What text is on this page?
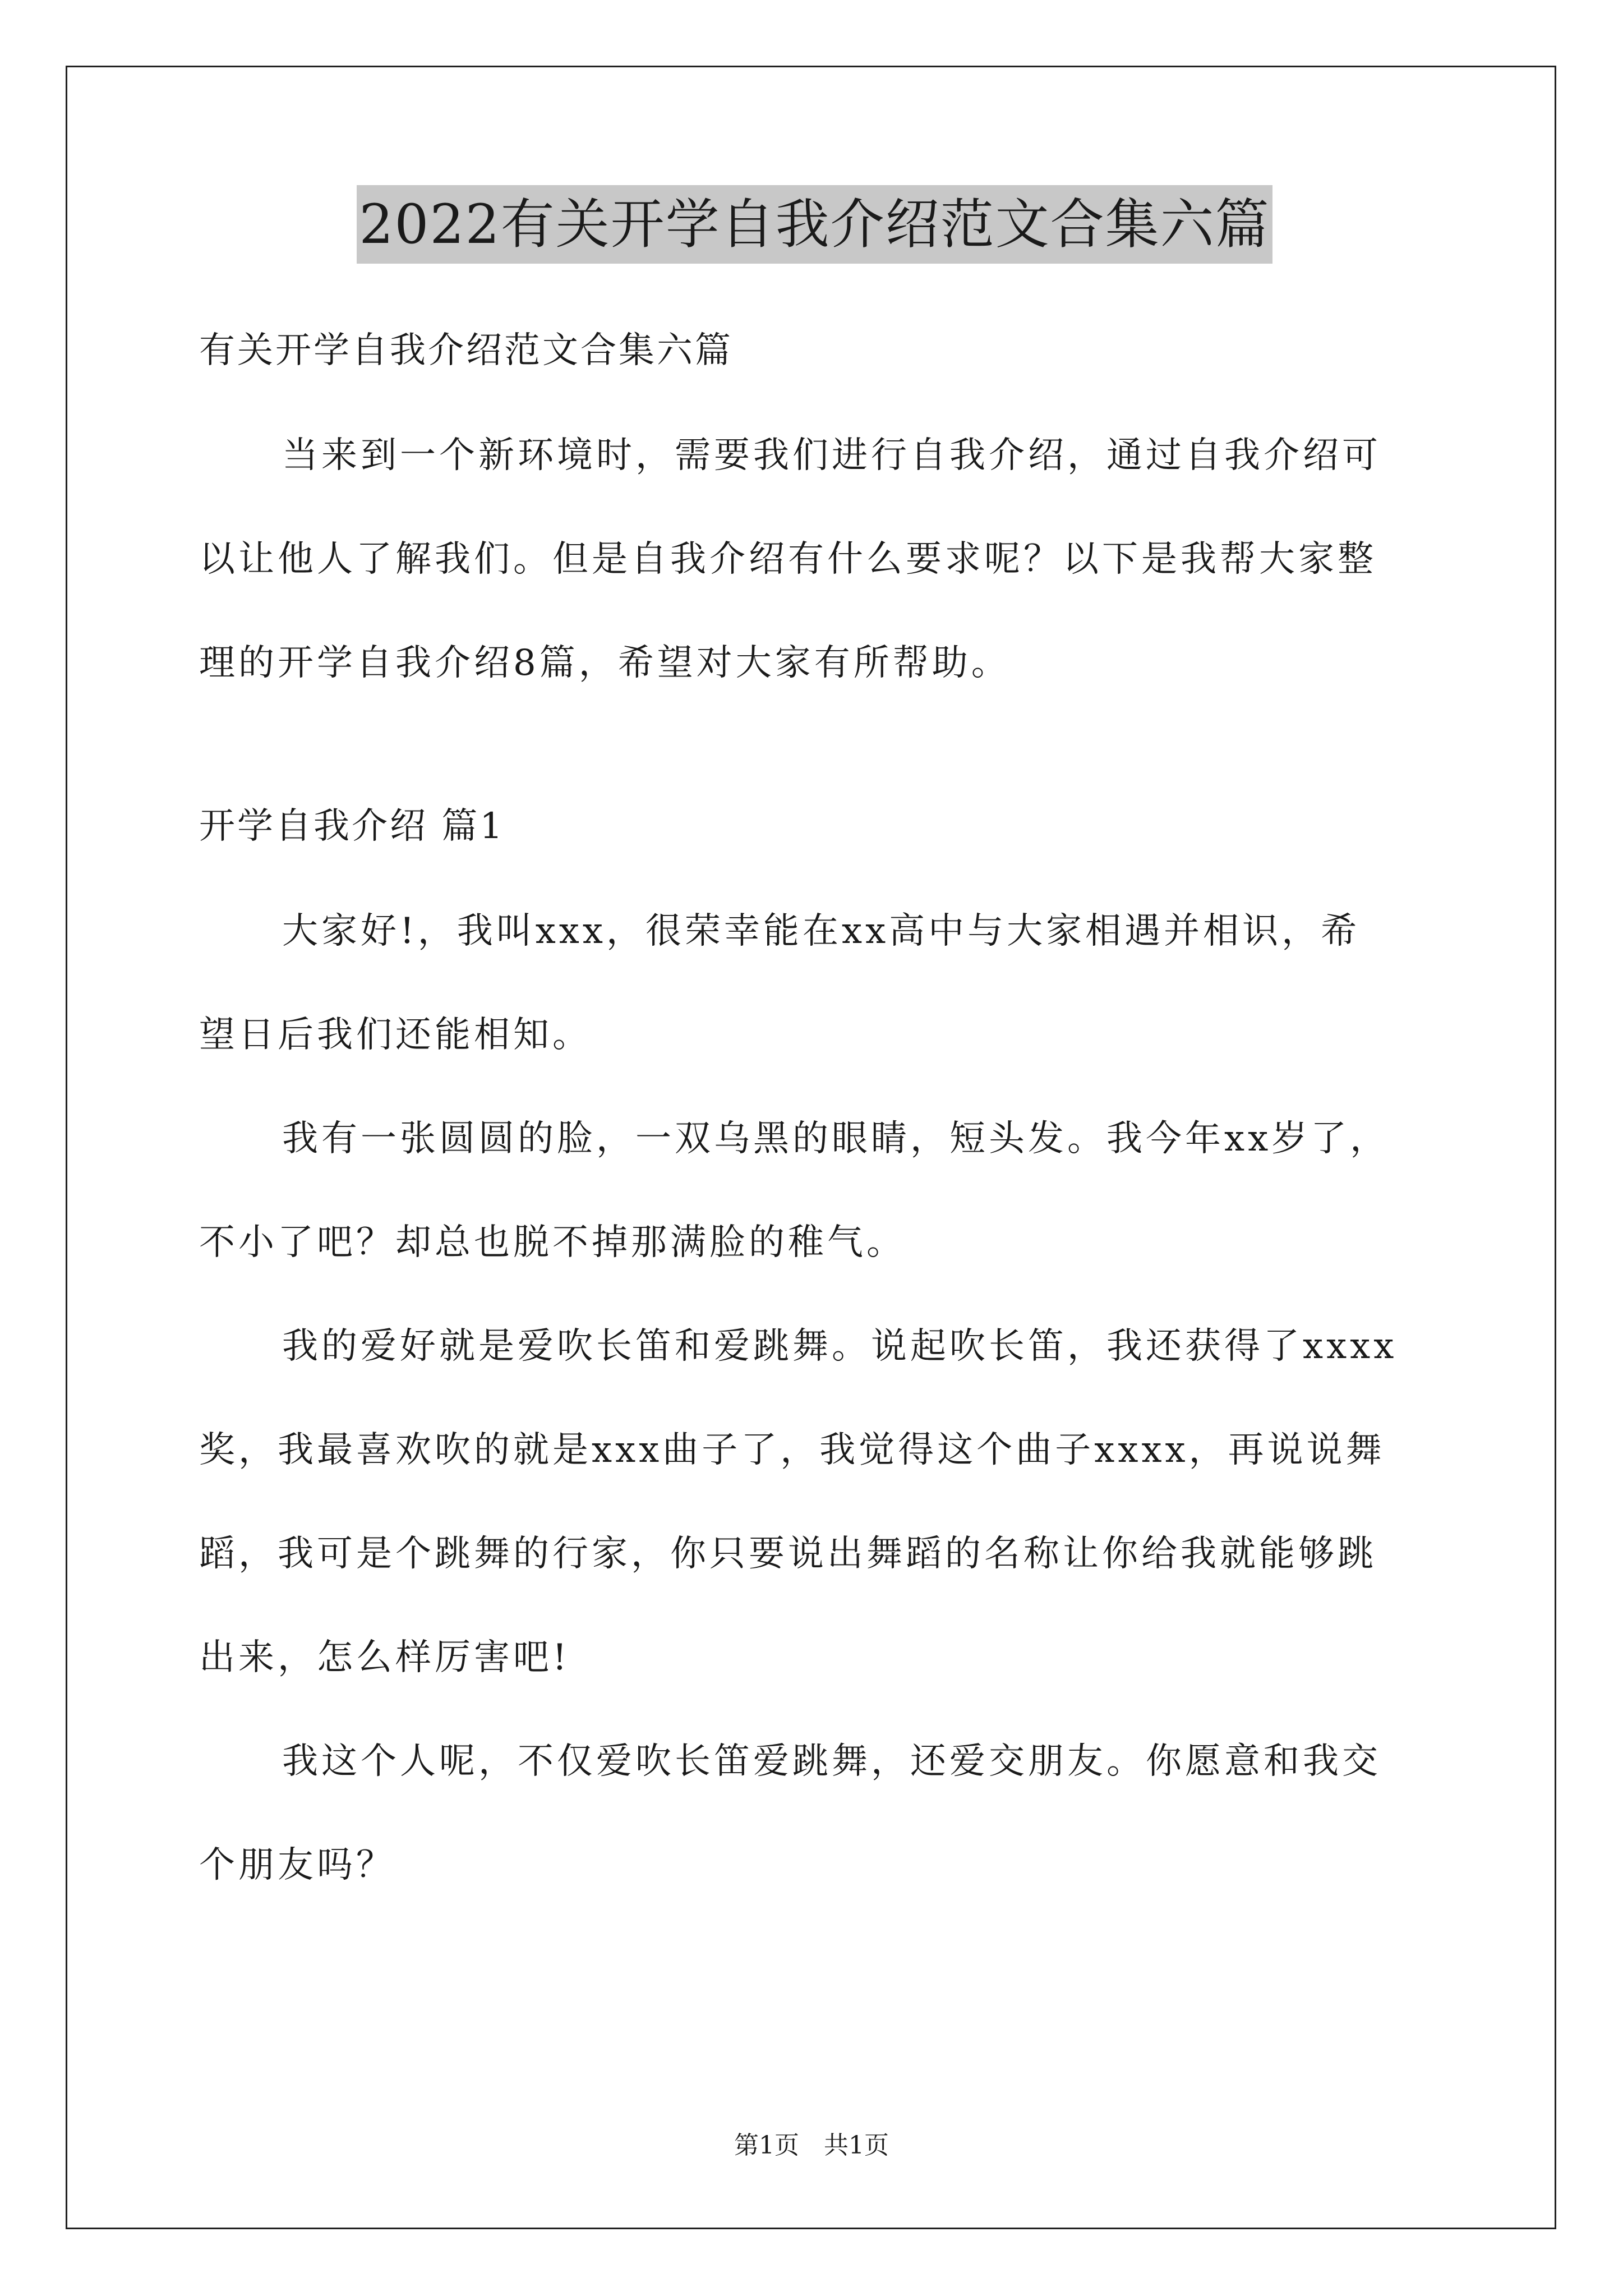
2022有关开学自我介绍范文合集六篇
有关开学自我介绍范文合集六篇
当来到一个新环境时，需要我们进行自我介绍，通过自我介绍可
以让他人了解我们。但是自我介绍有什么要求呢？以下是我帮大家整
理的开学自我介绍8篇，希望对大家有所帮助。
开学自我介绍 篇1
大家好!，我叫xxx，很荣幸能在xx高中与大家相遇并相识，希
望日后我们还能相知。
我有一张圆圆的脸，一双乌黑的眼睛，短头发。我今年xx岁了，
不小了吧？却总也脱不掉那满脸的稚气。
我的爱好就是爱吹长笛和爱跳舞。说起吹长笛，我还获得了xxxx
奖，我最喜欢吹的就是xxx曲子了，我觉得这个曲子xxxx，再说说舞
蹈，我可是个跳舞的行家，你只要说出舞蹈的名称让你给我就能够跳
出来，怎么样厉害吧!
我这个人呢，不仅爱吹长笛爱跳舞，还爱交朋友。你愿意和我交
个朋友吗？
第1页　共1页
